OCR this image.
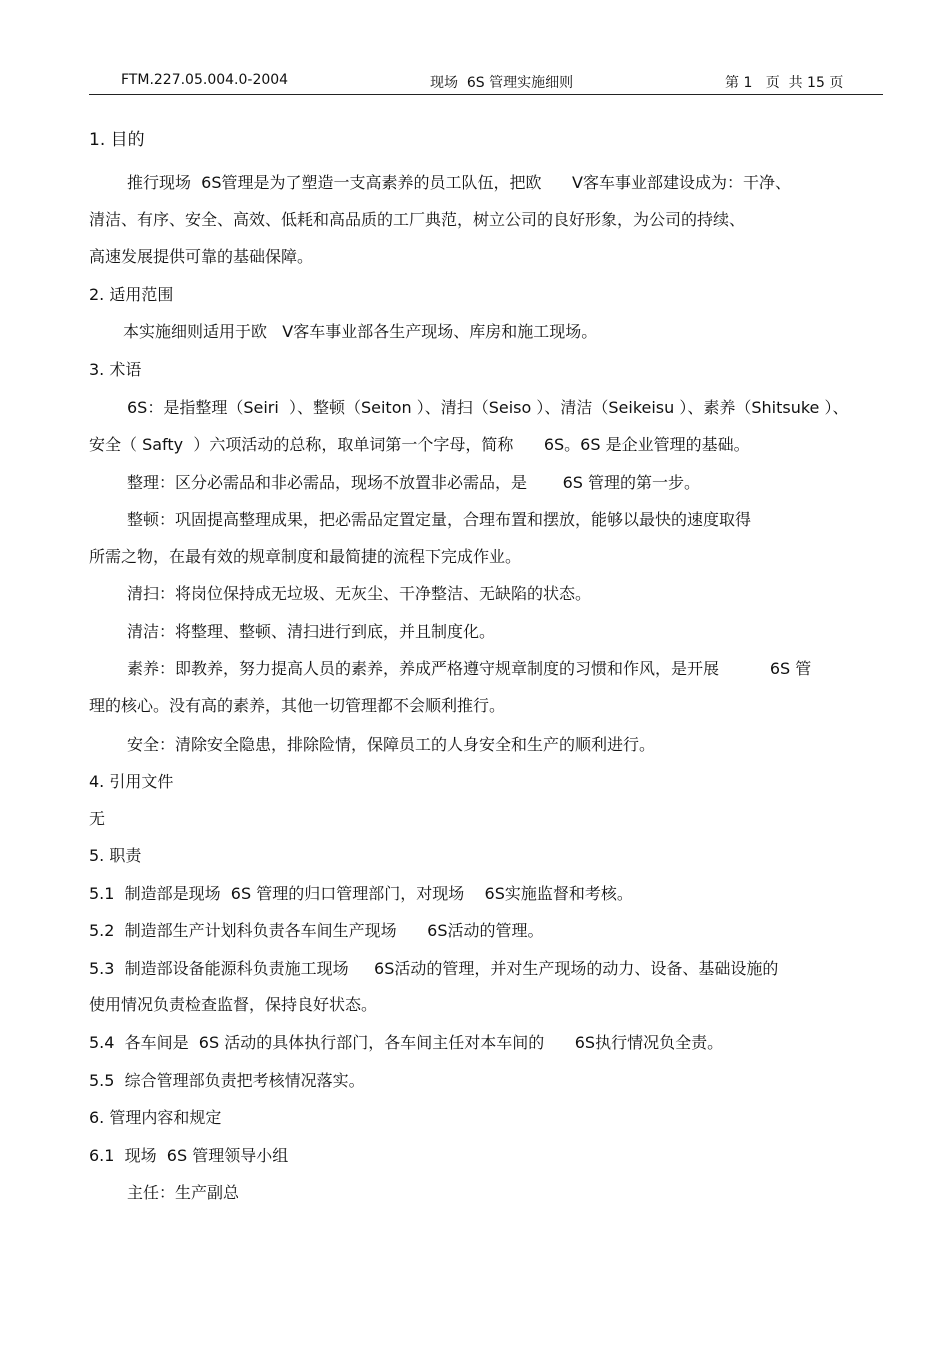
FTM.227.05.004.0-2004	现场  6S 管理实施细则	第 1   页  共 15 页
1. 目的
推行现场  6S管理是为了塑造一支高素养的员工队伍，把欧      V客车事业部建设成为：干净、
清洁、有序、安全、高效、低耗和高品质的工厂典范，树立公司的良好形象，为公司的持续、
高速发展提供可靠的基础保障。
2. 适用范围
本实施细则适用于欧   V客车事业部各生产现场、库房和施工现场。
3. 术语
6S：是指整理（Seiri  ）、整顿（Seiton ）、清扫（Seiso ）、清洁（Seikeisu ）、素养（Shitsuke ）、
安全（ Safty  ）六项活动的总称，取单词第一个字母，简称      6S。6S 是企业管理的基础。
整理：区分必需品和非必需品，现场不放置非必需品，是       6S 管理的第一步。
整顿：巩固提高整理成果，把必需品定置定量，合理布置和摆放，能够以最快的速度取得
所需之物，在最有效的规章制度和最简捷的流程下完成作业。
清扫：将岗位保持成无垃圾、无灰尘、干净整洁、无缺陷的状态。
清洁：将整理、整顿、清扫进行到底，并且制度化。
素养：即教养，努力提高人员的素养，养成严格遵守规章制度的习惯和作风，是开展          6S 管
理的核心。没有高的素养，其他一切管理都不会顺利推行。
安全：清除安全隐患，排除险情，保障员工的人身安全和生产的顺利进行。
4. 引用文件
无
5. 职责
5.1  制造部是现场  6S 管理的归口管理部门，对现场    6S实施监督和考核。
5.2  制造部生产计划科负责各车间生产现场      6S活动的管理。
5.3  制造部设备能源科负责施工现场     6S活动的管理，并对生产现场的动力、设备、基础设施的
使用情况负责检查监督，保持良好状态。
5.4  各车间是  6S 活动的具体执行部门，各车间主任对本车间的      6S执行情况负全责。
5.5  综合管理部负责把考核情况落实。
6. 管理内容和规定
6.1  现场  6S 管理领导小组
主任：生产副总
